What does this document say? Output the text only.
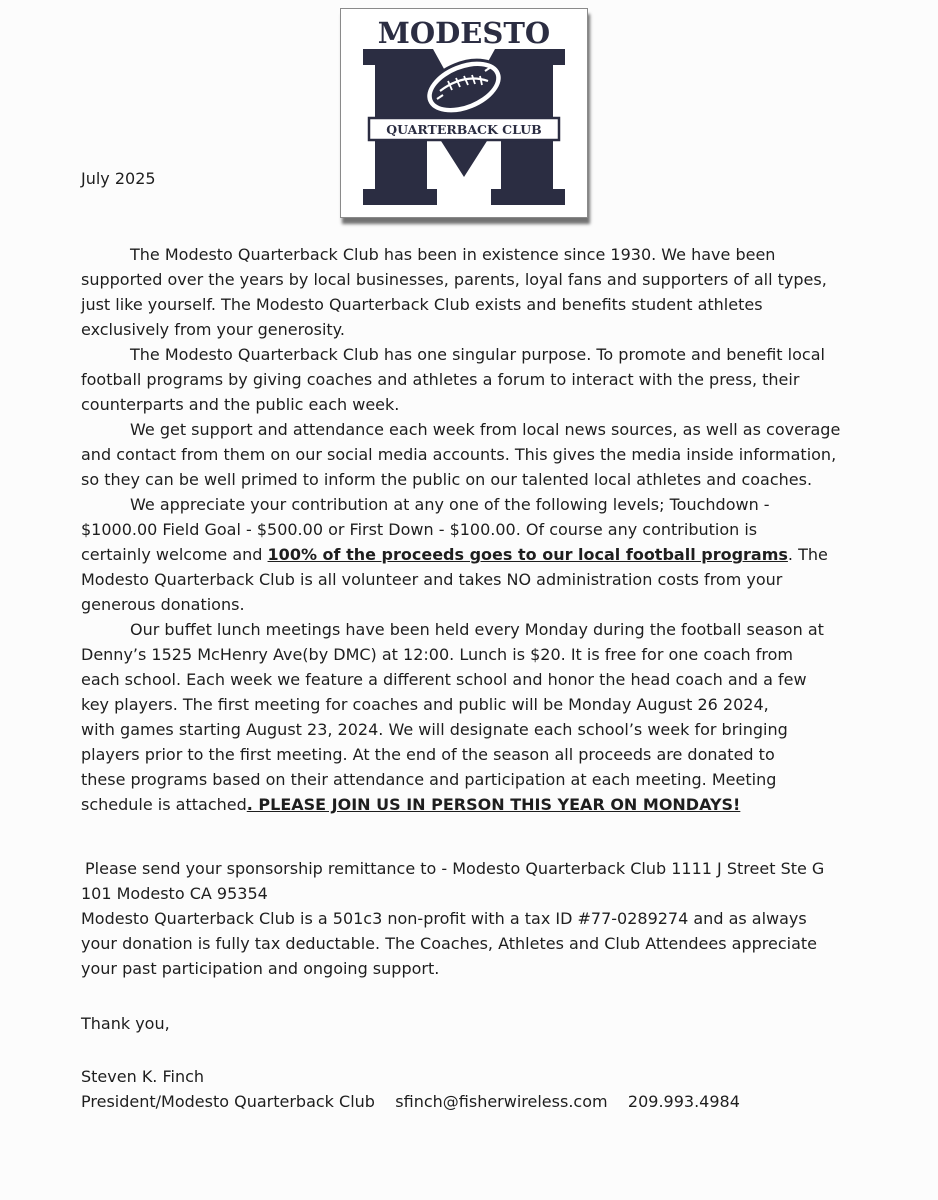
MODESTO
M
QUARTERBACK CLUB
July 2025

The Modesto Quarterback Club has been in existence since 1930. We have been
supported over the years by local businesses, parents, loyal fans and supporters of all types,
just like yourself. The Modesto Quarterback Club exists and benefits student athletes
exclusively from your generosity.

The Modesto Quarterback Club has one singular purpose. To promote and benefit local
football programs by giving coaches and athletes a forum to interact with the press, their
counterparts and the public each week.

We get support and attendance each week from local news sources, as well as coverage
and contact from them on our social media accounts. This gives the media inside information,
so they can be well primed to inform the public on our talented local athletes and coaches.

We appreciate your contribution at any one of the following levels; Touchdown -
$1000.00 Field Goal - $500.00 or First Down - $100.00. Of course any contribution is
certainly welcome and 100% of the proceeds goes to our local football programs. The
Modesto Quarterback Club is all volunteer and takes NO administration costs from your
generous donations.

Our buffet lunch meetings have been held every Monday during the football season at
Denny’s 1525 McHenry Ave(by DMC) at 12:00. Lunch is $20. It is free for one coach from
each school. Each week we feature a different school and honor the head coach and a few
key players. The first meeting for coaches and public will be Monday August 26 2024,
with games starting August 23, 2024. We will designate each school’s week for bringing
players prior to the first meeting. At the end of the season all proceeds are donated to
these programs based on their attendance and participation at each meeting. Meeting
schedule is attached. PLEASE JOIN US IN PERSON THIS YEAR ON MONDAYS!

Please send your sponsorship remittance to - Modesto Quarterback Club 1111 J Street Ste G
101 Modesto CA 95354
Modesto Quarterback Club is a 501c3 non-profit with a tax ID #77-0289274 and as always
your donation is fully tax deductable. The Coaches, Athletes and Club Attendees appreciate
your past participation and ongoing support.
Thank you,
Steven K. Finch
President/Modesto Quarterback Club sfinch@fisherwireless.com 209.993.4984
